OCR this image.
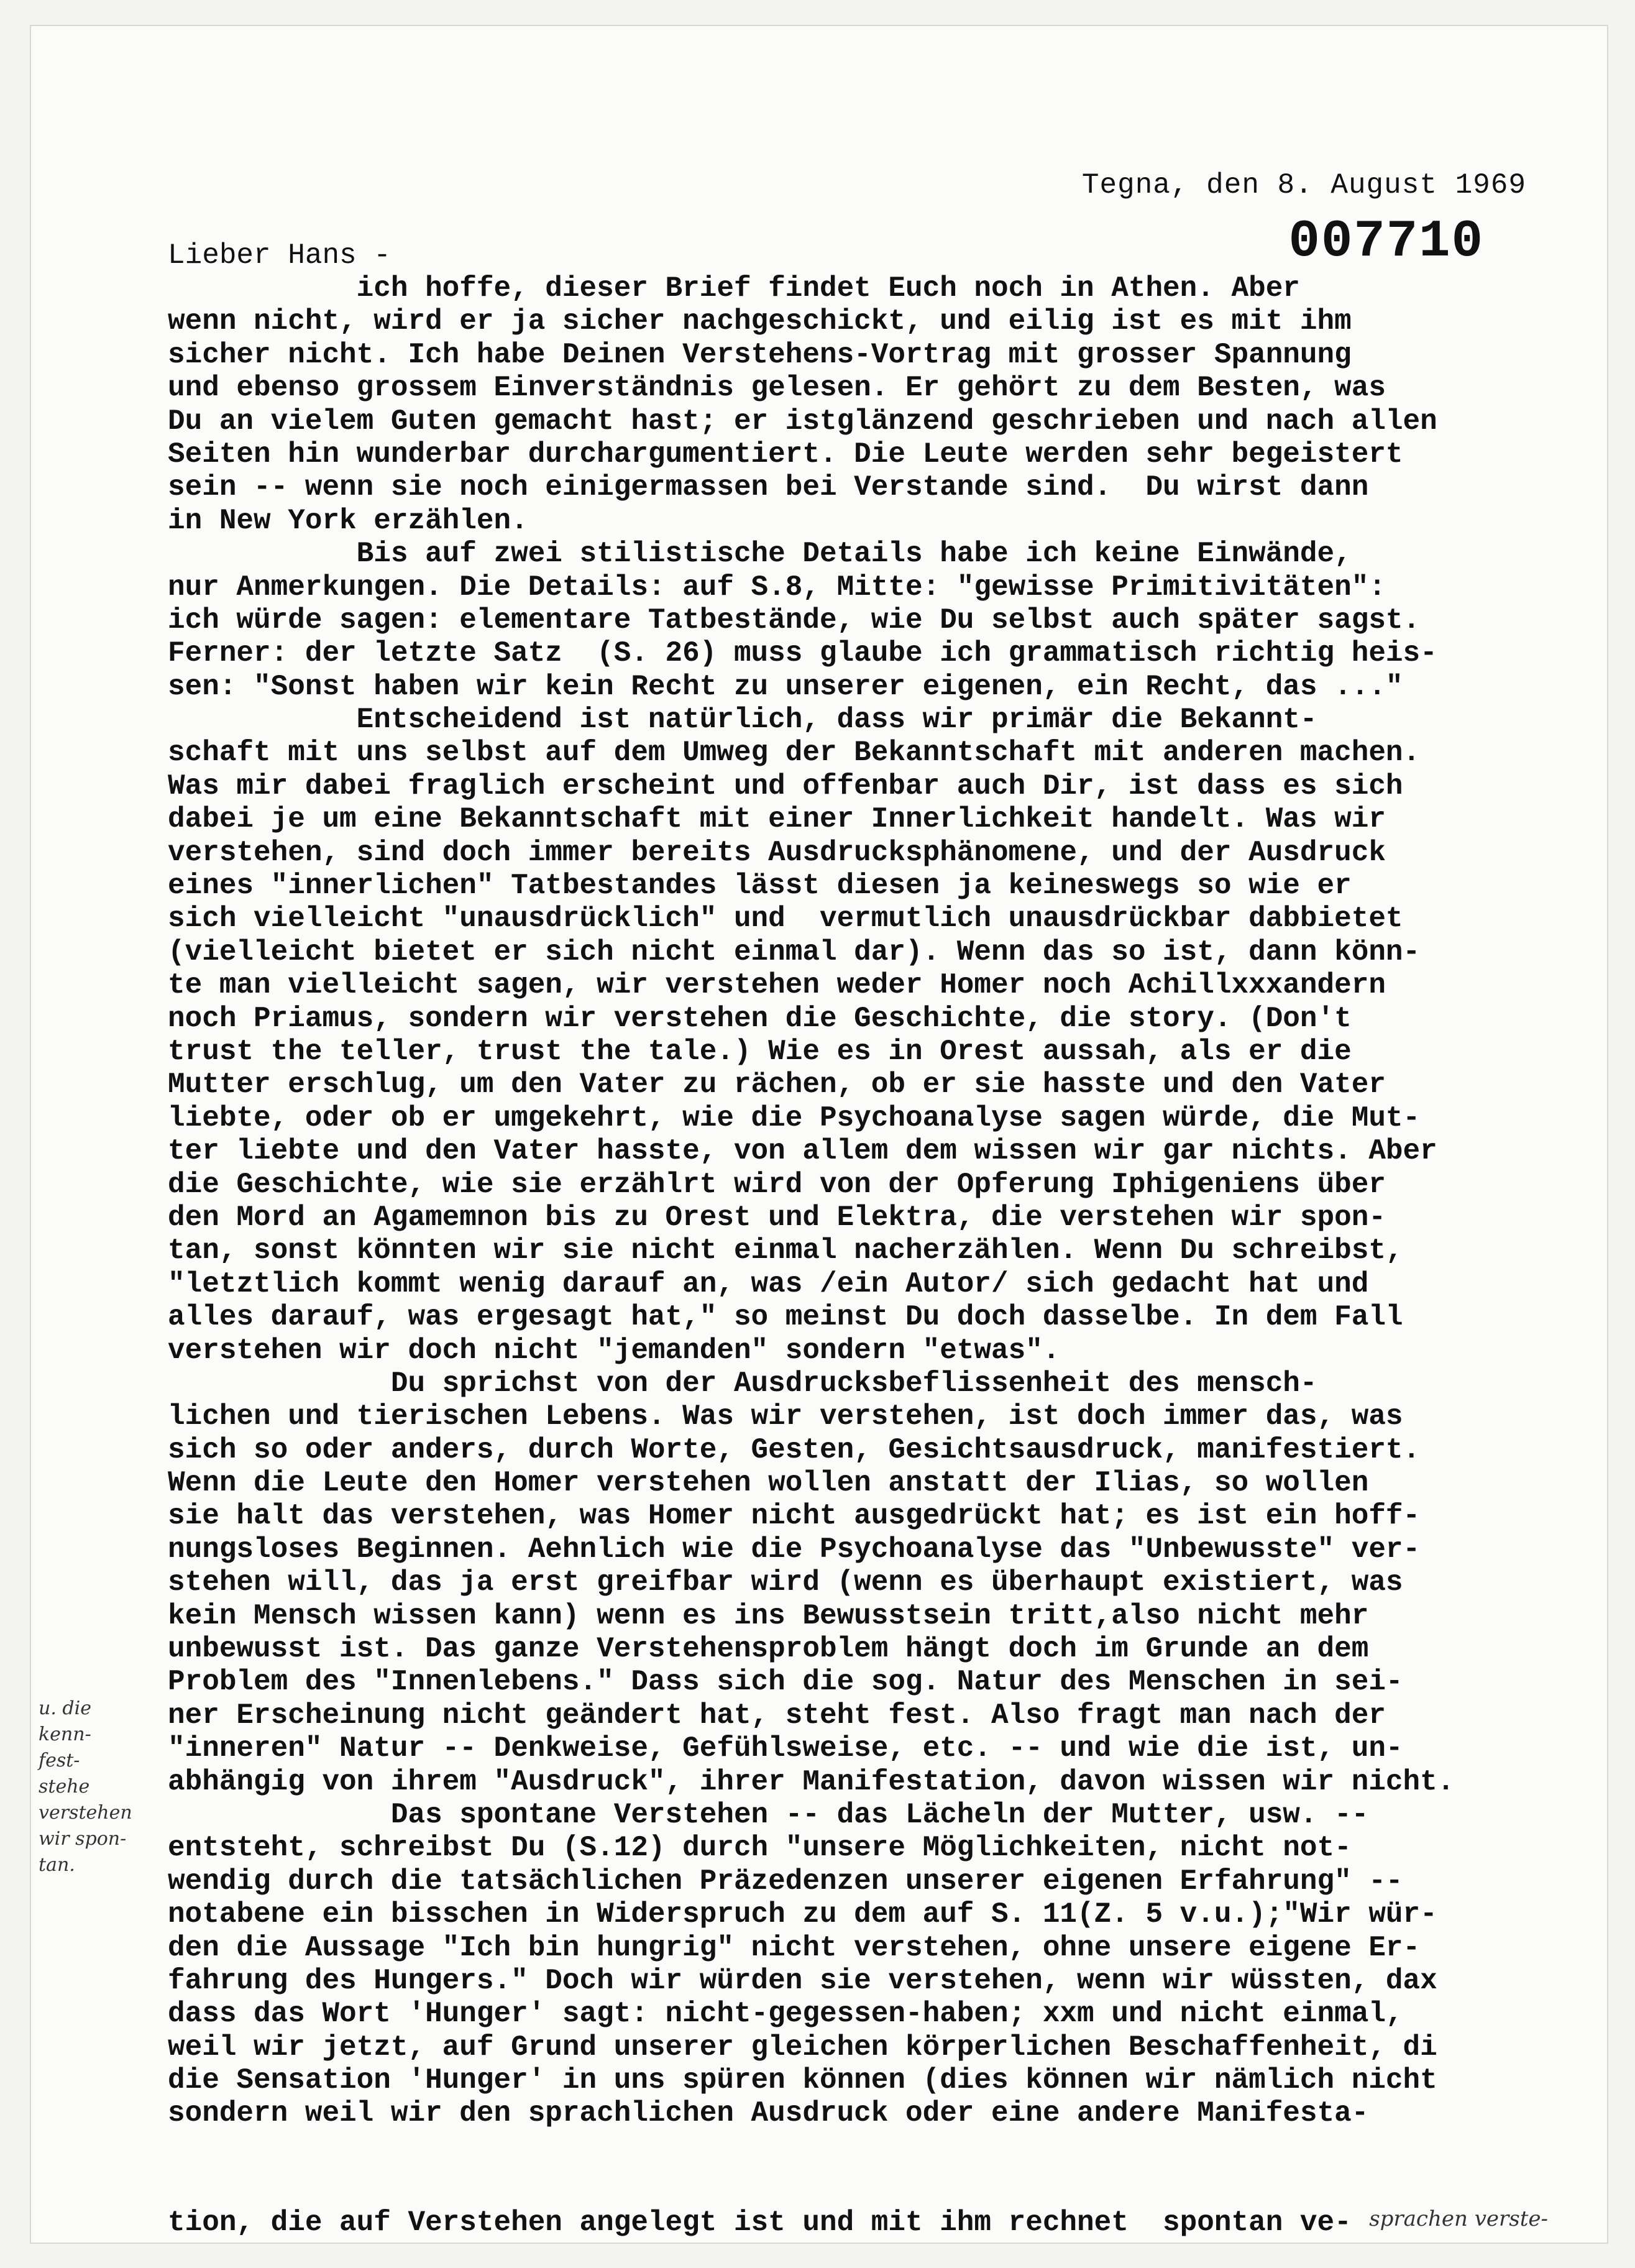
Tegna, den 8. August 1969
007710
Lieber Hans -
ich hoffe, dieser Brief findet Euch noch in Athen. Aber
wenn nicht, wird er ja sicher nachgeschickt, und eilig ist es mit ihm
sicher nicht. Ich habe Deinen Verstehens-Vortrag mit grosser Spannung
und ebenso grossem Einverständnis gelesen. Er gehört zu dem Besten, was
Du an vielem Guten gemacht hast; er istglänzend geschrieben und nach allen
Seiten hin wunderbar durchargumentiert. Die Leute werden sehr begeistert
sein -- wenn sie noch einigermassen bei Verstande sind.  Du wirst dann
in New York erzählen.
Bis auf zwei stilistische Details habe ich keine Einwände,
nur Anmerkungen. Die Details: auf S.8, Mitte: "gewisse Primitivitäten":
ich würde sagen: elementare Tatbestände, wie Du selbst auch später sagst.
Ferner: der letzte Satz  (S. 26) muss glaube ich grammatisch richtig heis-
sen: "Sonst haben wir kein Recht zu unserer eigenen, ein Recht, das ..."
Entscheidend ist natürlich, dass wir primär die Bekannt-
schaft mit uns selbst auf dem Umweg der Bekanntschaft mit anderen machen.
Was mir dabei fraglich erscheint und offenbar auch Dir, ist dass es sich
dabei je um eine Bekanntschaft mit einer Innerlichkeit handelt. Was wir
verstehen, sind doch immer bereits Ausdrucksphänomene, und der Ausdruck
eines "innerlichen" Tatbestandes lässt diesen ja keineswegs so wie er
sich vielleicht "unausdrücklich" und  vermutlich unausdrückbar dabbietet
(vielleicht bietet er sich nicht einmal dar). Wenn das so ist, dann könn-
te man vielleicht sagen, wir verstehen weder Homer noch Achillxxxandern
noch Priamus, sondern wir verstehen die Geschichte, die story. (Don't
trust the teller, trust the tale.) Wie es in Orest aussah, als er die
Mutter erschlug, um den Vater zu rächen, ob er sie hasste und den Vater
liebte, oder ob er umgekehrt, wie die Psychoanalyse sagen würde, die Mut-
ter liebte und den Vater hasste, von allem dem wissen wir gar nichts. Aber
die Geschichte, wie sie erzählrt wird von der Opferung Iphigeniens über
den Mord an Agamemnon bis zu Orest und Elektra, die verstehen wir spon-
tan, sonst könnten wir sie nicht einmal nacherzählen. Wenn Du schreibst,
"letztlich kommt wenig darauf an, was /ein Autor/ sich gedacht hat und
alles darauf, was ergesagt hat," so meinst Du doch dasselbe. In dem Fall
verstehen wir doch nicht "jemanden" sondern "etwas".
Du sprichst von der Ausdrucksbeflissenheit des mensch-
lichen und tierischen Lebens. Was wir verstehen, ist doch immer das, was
sich so oder anders, durch Worte, Gesten, Gesichtsausdruck, manifestiert.
Wenn die Leute den Homer verstehen wollen anstatt der Ilias, so wollen
sie halt das verstehen, was Homer nicht ausgedrückt hat; es ist ein hoff-
nungsloses Beginnen. Aehnlich wie die Psychoanalyse das "Unbewusste" ver-
stehen will, das ja erst greifbar wird (wenn es überhaupt existiert, was
kein Mensch wissen kann) wenn es ins Bewusstsein tritt,also nicht mehr
unbewusst ist. Das ganze Verstehensproblem hängt doch im Grunde an dem
Problem des "Innenlebens." Dass sich die sog. Natur des Menschen in sei-
ner Erscheinung nicht geändert hat, steht fest. Also fragt man nach der
"inneren" Natur -- Denkweise, Gefühlsweise, etc. -- und wie die ist, un-
abhängig von ihrem "Ausdruck", ihrer Manifestation, davon wissen wir nicht.
Das spontane Verstehen -- das Lächeln der Mutter, usw. --
entsteht, schreibst Du (S.12) durch "unsere Möglichkeiten, nicht not-
wendig durch die tatsächlichen Präzedenzen unserer eigenen Erfahrung" --
notabene ein bisschen in Widerspruch zu dem auf S. 11(Z. 5 v.u.);"Wir wür-
den die Aussage "Ich bin hungrig" nicht verstehen, ohne unsere eigene Er-
fahrung des Hungers." Doch wir würden sie verstehen, wenn wir wüssten, dax
dass das Wort 'Hunger' sagt: nicht-gegessen-haben; xxm und nicht einmal,
weil wir jetzt, auf Grund unserer gleichen körperlichen Beschaffenheit, di
die Sensation 'Hunger' in uns spüren können (dies können wir nämlich nicht
sondern weil wir den sprachlichen Ausdruck oder eine andere Manifesta-
u. die
kenn-
fest-
stehe
verstehen
wir spon-
tan.
tion, die auf Verstehen angelegt ist und mit ihm rechnet  spontan ve- sprachen verste-
